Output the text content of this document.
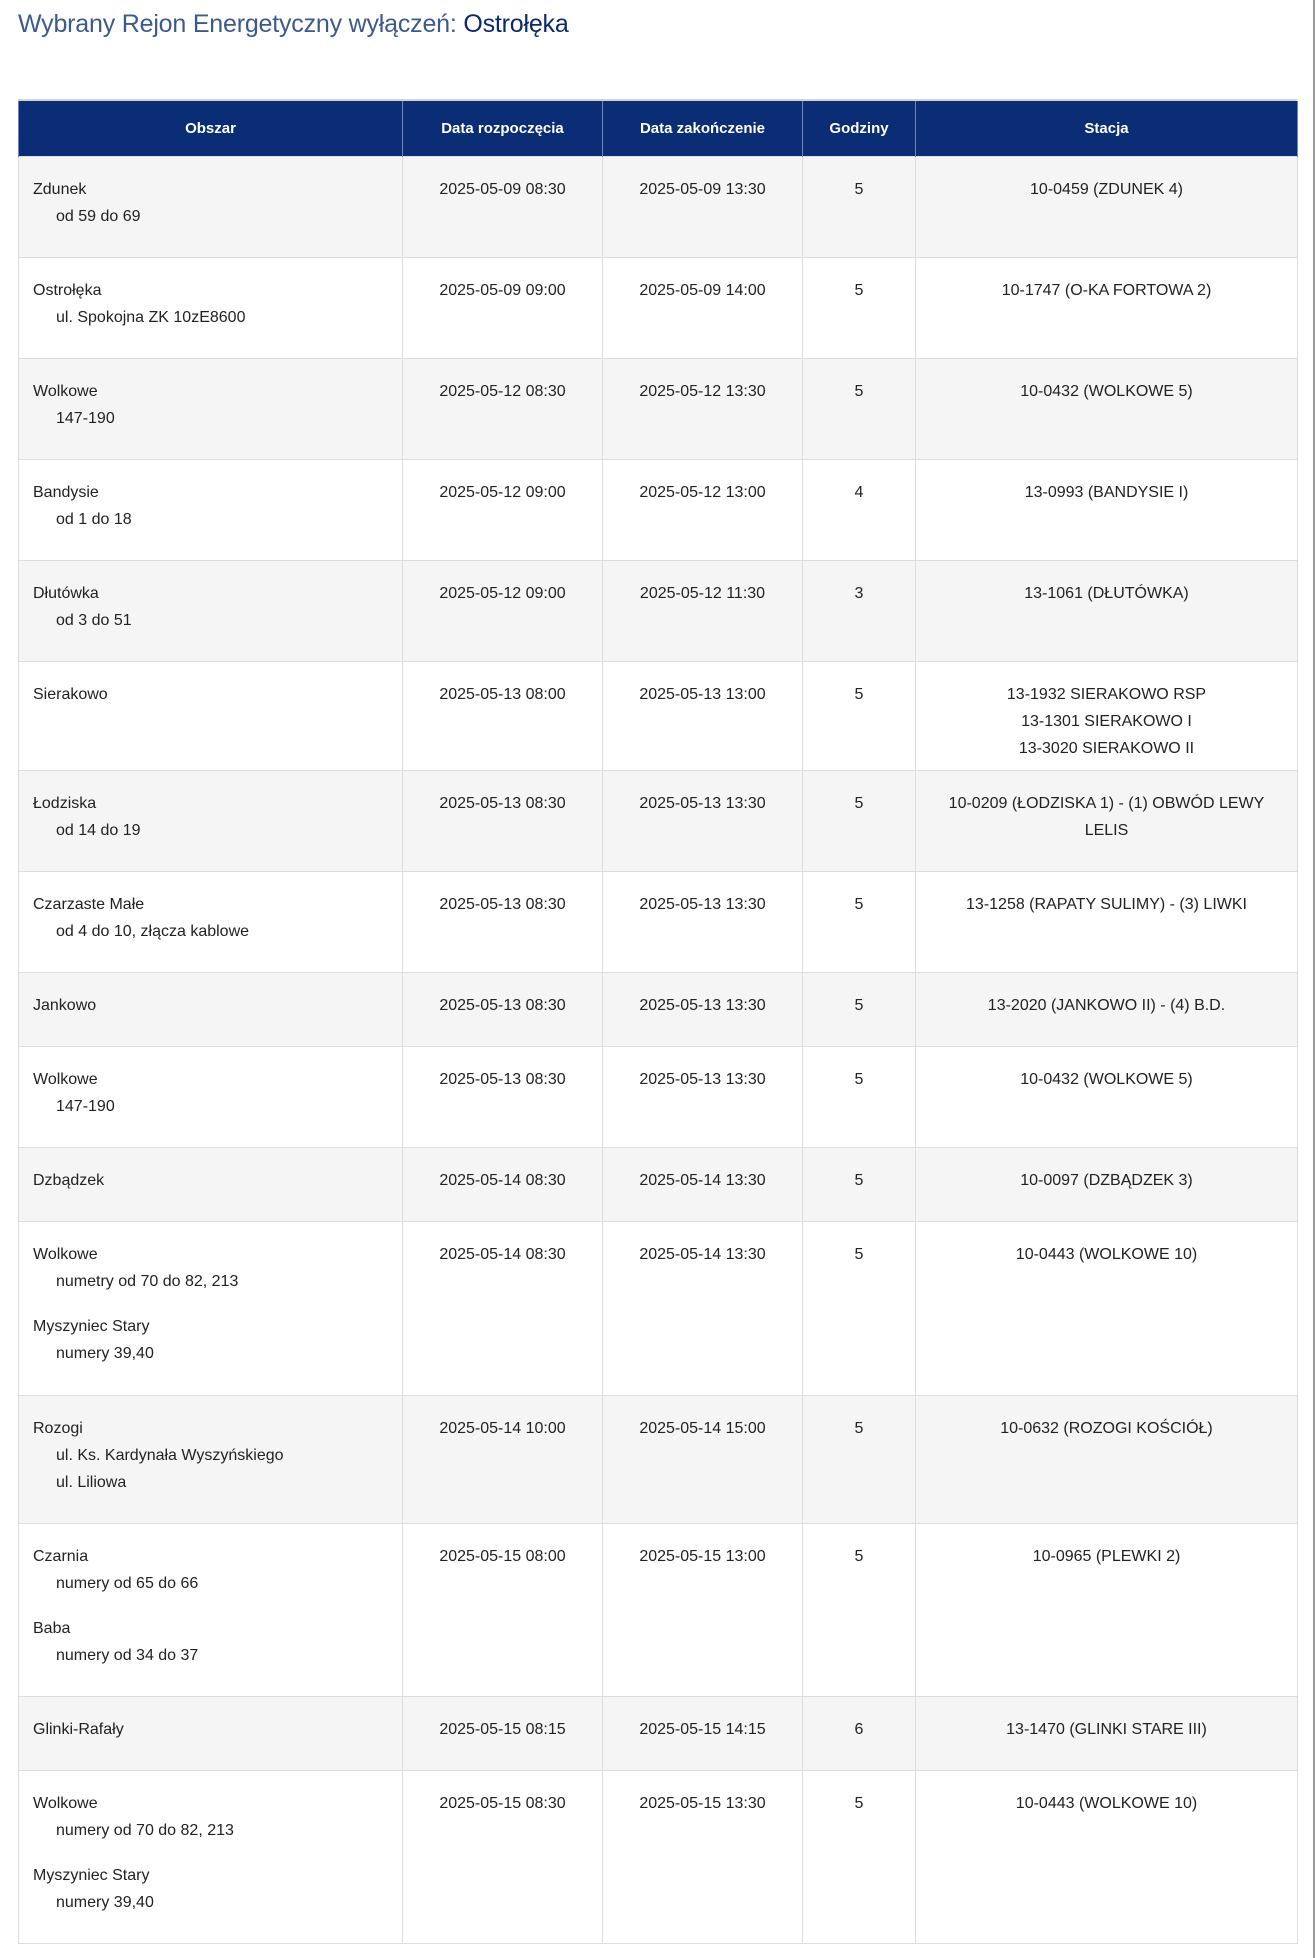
Wybrany Rejon Energetyczny wyłączeń: Ostrołęka
Obszar	Data rozpoczęcia	Data zakończenie	Godziny	Stacja

Zdunek
od 59 do 69	2025-05-09 08:30	2025-05-09 13:30	5	10-0459 (ZDUNEK 4)

Ostrołęka
ul. Spokojna ZK 10zE8600	2025-05-09 09:00	2025-05-09 14:00	5	10-1747 (O-KA FORTOWA 2)

Wolkowe
147-190	2025-05-12 08:30	2025-05-12 13:30	5	10-0432 (WOLKOWE 5)

Bandysie
od 1 do 18	2025-05-12 09:00	2025-05-12 13:00	4	13-0993 (BANDYSIE I)

Dłutówka
od 3 do 51	2025-05-12 09:00	2025-05-12 11:30	3	13-1061 (DŁUTÓWKA)

Sierakowo	2025-05-13 08:00	2025-05-13 13:00	5	13-1932 SIERAKOWO RSP
13-1301 SIERAKOWO I
13-3020 SIERAKOWO II

Łodziska
od 14 do 19	2025-05-13 08:30	2025-05-13 13:30	5	10-0209 (ŁODZISKA 1) - (1) OBWÓD LEWY LELIS

Czarzaste Małe
od 4 do 10, złącza kablowe	2025-05-13 08:30	2025-05-13 13:30	5	13-1258 (RAPATY SULIMY) - (3) LIWKI

Jankowo	2025-05-13 08:30	2025-05-13 13:30	5	13-2020 (JANKOWO II) - (4) B.D.

Wolkowe
147-190	2025-05-13 08:30	2025-05-13 13:30	5	10-0432 (WOLKOWE 5)

Dzbądzek	2025-05-14 08:30	2025-05-14 13:30	5	10-0097 (DZBĄDZEK 3)

Wolkowe
numetry od 70 do 82, 213
Myszyniec Stary
numery 39,40	2025-05-14 08:30	2025-05-14 13:30	5	10-0443 (WOLKOWE 10)

Rozogi
ul. Ks. Kardynała Wyszyńskiego
ul. Liliowa	2025-05-14 10:00	2025-05-14 15:00	5	10-0632 (ROZOGI KOŚCIÓŁ)

Czarnia
numery od 65 do 66
Baba
numery od 34 do 37	2025-05-15 08:00	2025-05-15 13:00	5	10-0965 (PLEWKI 2)

Glinki-Rafały	2025-05-15 08:15	2025-05-15 14:15	6	13-1470 (GLINKI STARE III)

Wolkowe
numery od 70 do 82, 213
Myszyniec Stary
numery 39,40	2025-05-15 08:30	2025-05-15 13:30	5	10-0443 (WOLKOWE 10)
